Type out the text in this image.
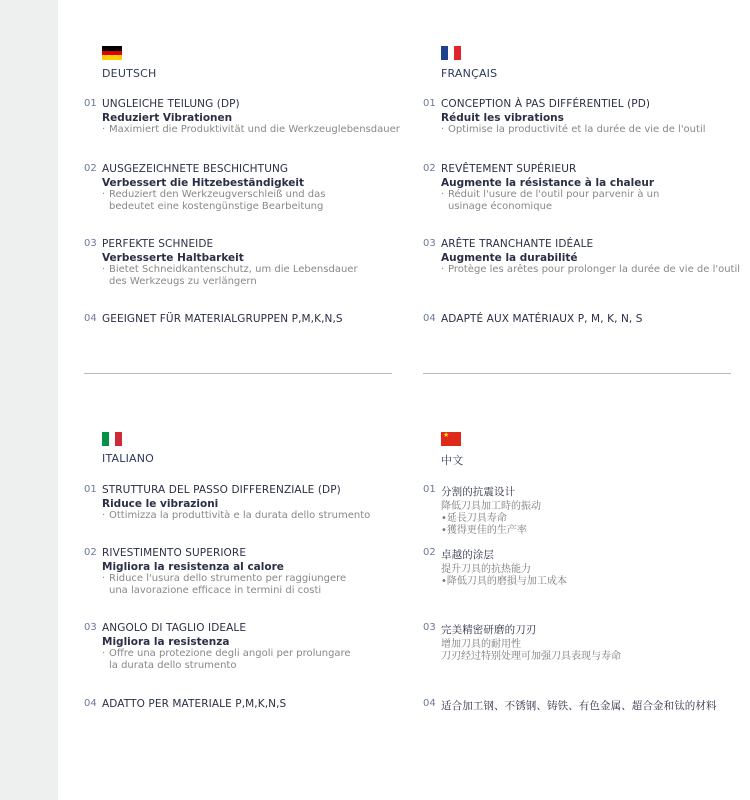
DEUTSCH
01 UNGLEICHE TEILUNG (DP)
Reduziert Vibrationen
· Maximiert die Produktivität und die Werkzeuglebensdauer
02 AUSGEZEICHNETE BESCHICHTUNG
Verbessert die Hitzebeständigkeit
· Reduziert den Werkzeugverschleiß und das bedeutet eine kostengünstige Bearbeitung
03 PERFEKTE SCHNEIDE
Verbesserte Haltbarkeit
· Bietet Schneidkantenschutz, um die Lebensdauer des Werkzeugs zu verlängern
04 GEEIGNET FÜR MATERIALGRUPPEN P,M,K,N,S
FRANÇAIS
01 CONCEPTION À PAS DIFFÉRENTIEL (PD)
Réduit les vibrations
· Optimise la productivité et la durée de vie de l'outil
02 REVÊTEMENT SUPÉRIEUR
Augmente la résistance à la chaleur
· Réduit l'usure de l'outil pour parvenir à un usinage économique
03 ARÊTE TRANCHANTE IDÉALE
Augmente la durabilité
· Protège les arêtes pour prolonger la durée de vie de l'outil
04 ADAPTÉ AUX MATÉRIAUX P, M, K, N, S
ITALIANO
01 STRUTTURA DEL PASSO DIFFERENZIALE (DP)
Riduce le vibrazioni
· Ottimizza la produttività e la durata dello strumento
02 RIVESTIMENTO SUPERIORE
Migliora la resistenza al calore
· Riduce l'usura dello strumento per raggiungere una lavorazione efficace in termini di costi
03 ANGOLO DI TAGLIO IDEALE
Migliora la resistenza
· Offre una protezione degli angoli per prolungare la durata dello strumento
04 ADATTO PER MATERIALE P,M,K,N,S
★
中文
01 分割的抗震设计
降低刀具加工時的振动
•延長刀具寿命
•獲得更佳的生产率
02 卓越的涂层
提升刀具的抗热能力
•降低刀具的磨損与加工成本
03 完美精密研磨的刀刃
增加刀具的耐用性
刀刃经过特别处理可加强刀具表现与寿命
04 适合加工钢、不锈钢、铸铁、有色金属、超合金和钛的材料
